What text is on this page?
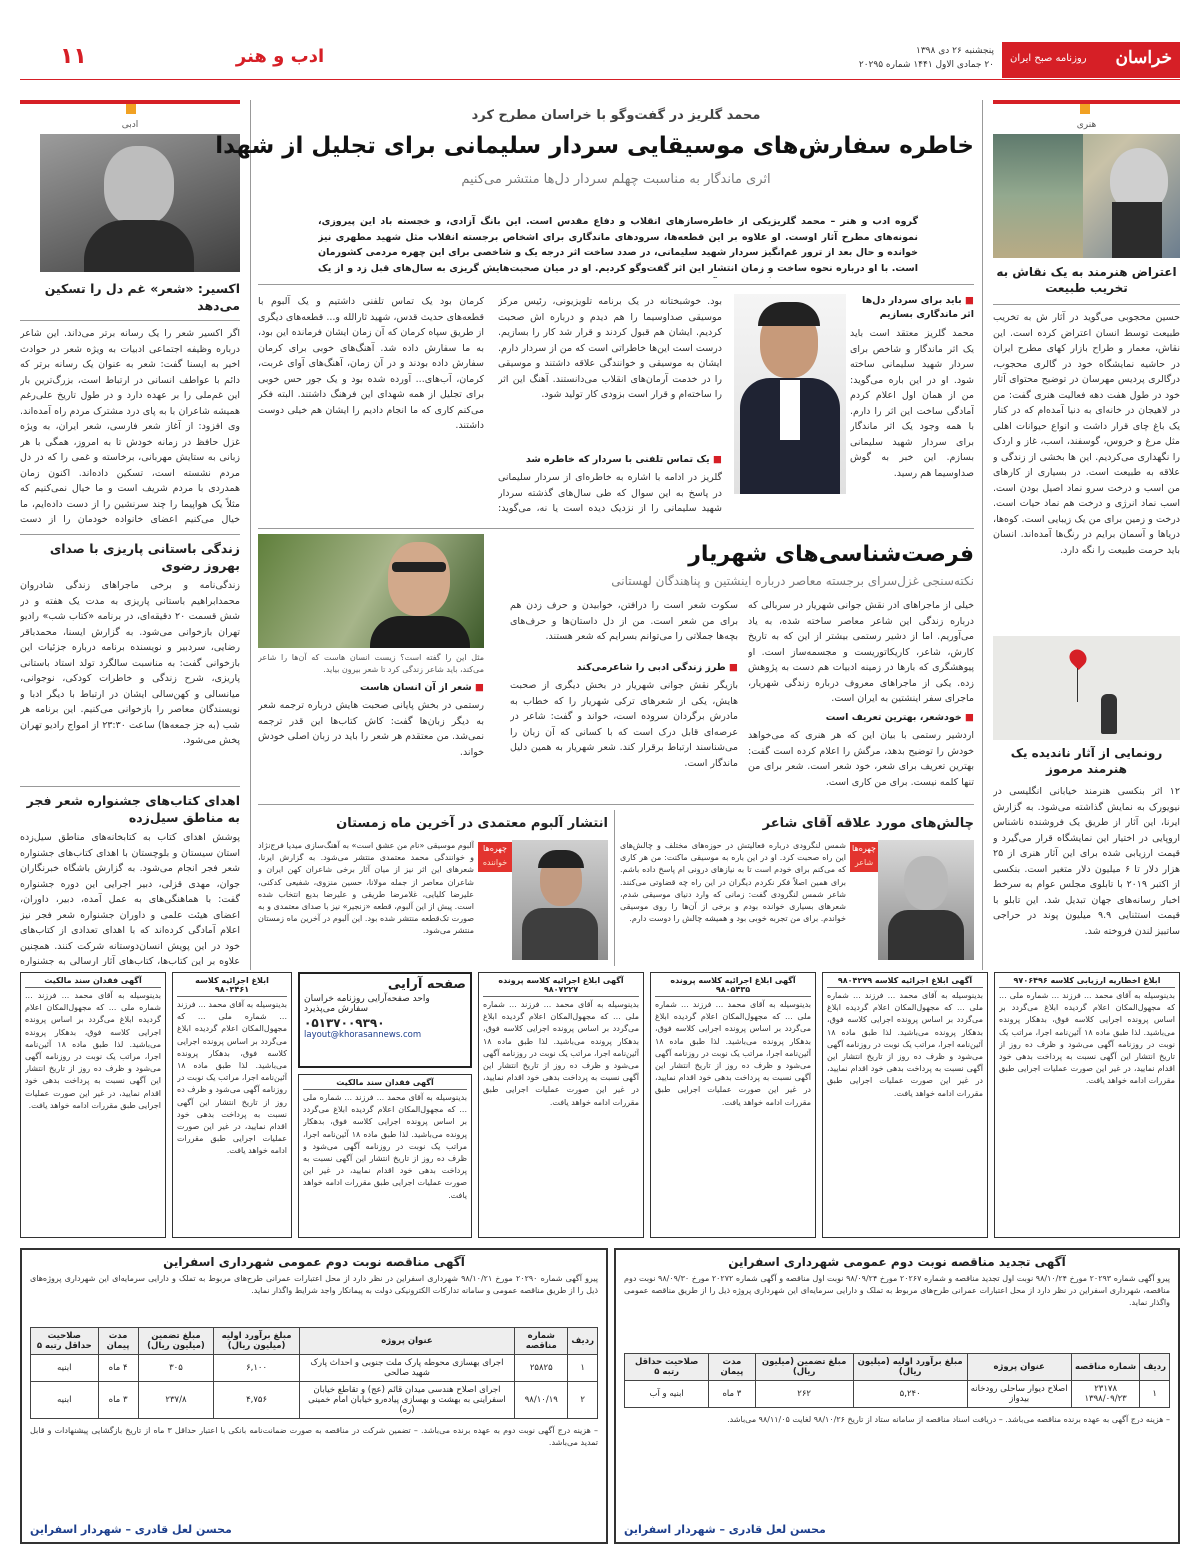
خراسان
روزنامه صبح ایران
پنجشنبه ۲۶ دی ۱۳۹۸
۲۰ جمادی الاول ۱۴۴۱ شماره ۲۰۲۹۵
ادب و هنر
۱۱
هنری
اعتراض هنرمند به یک نقاش به تخریب طبیعت
حسین محجوبی می‌گوید در آثار ش به تخریب طبیعت توسط انسان اعتراض کرده است. این نقاش، معمار و طراح بازار کهای مطرح ایران در حاشیه نمایشگاه خود در گالری محجوب، درگالری پردیس مهرسان در توضیح محتوای آثار خود در طول هفت دهه فعالیت هنری گفت: من در لاهیجان در خانه‌ای به دنیا آمده‌ام که در کنار یک باغ چای قرار داشت و انواع حیوانات اهلی مثل مرغ و خروس، گوسفند، اسب، غاز و اردک را نگهداری می‌کردیم. این ها بخشی از زندگی و علاقه به طبیعت است. در بسیاری از کارهای من اسب و درخت سرو نماد اصیل بودن است. اسب نماد انرژی و درخت هم نماد حیات است. درخت و زمین برای من یک زیبایی است. کوه‌ها، دریاها و آسمان برایم در رنگ‌ها آمده‌اند. انسان باید حرمت طبیعت را نگه دارد.
رونمایی از آثار ناندیده یک هنرمند مرموز
۱۲ اثر بنکسی هنرمند خیابانی انگلیسی در نیویورک به نمایش گذاشته می‌شود. به گزارش ایرنا، این آثار از طریق یک فروشنده ناشناس اروپایی در اختیار این نمایشگاه قرار می‌گیرد و قیمت ارزیابی شده برای این آثار هنری از ۲۵ هزار دلار تا ۶ میلیون دلار متغیر است. بنکسی از اکتبر ۲۰۱۹ با تابلوی مجلس عوام به سرخط اخبار رسانه‌های جهان تبدیل شد. این تابلو با قیمت استثنایی ۹.۹ میلیون پوند در حراجی ساتبیز لندن فروخته شد.
ادبی
اکسیر: «شعر» غم دل را تسکین می‌دهد
اگر اکسیر شعر را یک رسانه برتر می‌داند. این شاعر درباره وظیفه اجتماعی ادبیات به ویژه شعر در حوادث اخیر به ایسنا گفت: شعر به عنوان یک رسانه برتر که دائم با عواطف انسانی در ارتباط است، بزرگ‌ترین بار این غم‌ملی را بر عهده دارد و در طول تاریخ علی‌رغم همیشه شاعران با به پای درد مشترک مردم راه آمده‌اند. وی افزود: از آغاز شعر فارسی، شعر ایران، به ویژه غزل حافظ در زمانه خودش تا به امروز، همگی با هر زبانی به ستایش مهربانی، برخاسته و غمی را که در دل مردم نشسته است، تسکین داده‌اند. اکنون زمان همدردی با مردم شریف است و ما خیال نمی‌کنیم که مثلاً یک هواپیما را چند سرنشین را از دست داده‌ایم، ما خیال می‌کنیم اعضای خانواده خودمان را از دست
زندگی باستانی پاریزی با صدای بهروز رضوی
زندگی‌نامه و برخی ماجراهای زندگی شادروان محمدابراهیم باستانی پاریزی به مدت یک هفته و در شش قسمت ۲۰ دقیقه‌ای، در برنامه «کتاب شب» رادیو تهران بازخوانی می‌شود. به گزارش ایسنا، محمدباقر رضایی، سردبیر و نویسنده برنامه درباره جزئیات این بازخوانی گفت: به مناسبت سالگرد تولد استاد باستانی پاریزی، شرح زندگی و خاطرات کودکی، نوجوانی، میانسالی و کهن‌سالی ایشان در ارتباط با دیگر ادبا و نویسندگان معاصر را بازخوانی می‌کنیم. این برنامه هر شب (به جز جمعه‌ها) ساعت ۲۳:۳۰ از امواج رادیو تهران پخش می‌شود.
اهدای کتاب‌های جشنواره شعر فجر به مناطق سیل‌زده
پوشش اهدای کتاب به کتابخانه‌های مناطق سیل‌زده استان سیستان و بلوچستان با اهدای کتاب‌های جشنواره شعر فجر انجام می‌شود. به گزارش باشگاه خبرنگاران جوان، مهدی قزلی، دبیر اجرایی این دوره جشنواره گفت: با هماهنگی‌های به عمل آمده، دبیر، داوران، اعضای هیئت علمی و داوران جشنواره شعر فجر نیز اعلام آمادگی کرده‌اند که با اهدای تعدادی از کتاب‌های خود در این پویش انسان‌دوستانه شرکت کنند. همچنین علاوه بر این کتاب‌ها، کتاب‌های آثار ارسالی به جشنواره
محمد گلریز در گفت‌وگو با خراسان مطرح کرد
خاطره سفارش‌های موسیقایی سردار سلیمانی برای تجلیل از شهدا
اثری ماندگار به مناسبت چهلم سردار دل‌ها منتشر می‌کنیم
گروه ادب و هنر – محمد گلریزیکی از خاطره‌سازهای انقلاب و دفاع مقدس است. این بانگ آزادی، و خجسته باد این پیروزی، نمونه‌های مطرح آثار اوست. او علاوه بر این قطعه‌ها، سرودهای ماندگاری برای اشخاص برجسته انقلاب مثل شهید مطهری نیز خوانده و حال بعد از ترور غم‌انگیز سردار شهید سلیمانی، در صدد ساخت اثر درجه یک و شاخصی برای این چهره مردمی کشورمان است. با او درباره نحوه ساخت و زمان انتشار این اثر گفت‌وگو کردیم. او در میان صحبت‌هایش گریزی به سال‌های قبل زد و از یک
■ باید برای سردار دل‌ها اثر ماندگاری بسازیم
محمد گلریز معتقد است باید یک اثر ماندگار و شاخص برای سردار شهید سلیمانی ساخته شود. او در این باره می‌گوید: من از همان اول اعلام کردم آمادگی ساخت این اثر را دارم. با همه وجود یک اثر ماندگار برای سردار شهید سلیمانی بسازم. این خبر به گوش صداوسیما هم رسید.
بود. خوشبختانه در یک برنامه تلویزیونی، رئیس مرکز موسیقی صداوسیما را هم دیدم و درباره اش صحبت کردیم. ایشان هم قبول کردند و قرار شد کار را بسازیم. درست است این‌ها خاطراتی است که من از سردار دارم. ایشان به موسیقی و خوانندگی علاقه داشتند و موسیقی را در خدمت آرمان‌های انقلاب می‌دانستند. آهنگ این اثر را ساخته‌ام و قرار است بزودی کار تولید شود.
■ یک تماس تلفنی با سردار که خاطره شد
گلریز در ادامه با اشاره به خاطره‌ای از سردار سلیمانی در پاسخ به این سوال که طی سال‌های گذشته سردار شهید سلیمانی را از نزدیک دیده است یا نه، می‌گوید:
کرمان بود یک تماس تلفنی داشتیم و یک آلبوم با قطعه‌های حدیث قدس، شهید ثارالله و... قطعه‌های دیگری از طریق سپاه کرمان که آن زمان ایشان فرمانده این بود، به ما سفارش داده شد. آهنگ‌های خوبی برای کرمان سفارش داده بودند و در آن زمان، آهنگ‌های آوای غربت، کرمان، آب‌های... آورده شده بود و یک جور حس خوبی برای تجلیل از همه شهدای این فرهنگ داشتند. البته فکر می‌کنم کاری که ما انجام دادیم را ایشان هم خیلی دوست داشتند.
مثل این را گفته است؟ زیست انسان هاست که آن‌ها را شاعر می‌کند، باید شاعر زندگی کرد تا شعر بیرون بیاید.
فرصت‌شناسی‌های شهریار
نکته‌سنجی غزل‌سرای برجسته معاصر درباره اینشتین و پناهندگان لهستانی
خیلی از ماجراهای ادر نقش جوانی شهریار در سربالی که درباره زندگی این شاعر معاصر ساخته شده، به یاد می‌آوریم. اما از دشیر رستمی بیشتر از این که به تاریخ کارش، شاعر، کاریکاتوریست و مجسمه‌ساز است. او پیوهشگری که بارها در زمینه ادبیات هم دست به پژوهش زده. یکی از ماجراهای معروف درباره زندگی شهریار، ماجرای سفر اینشتین به ایران است.
■ خودشعر، بهترین تعریف است
اردشیر رستمی با بیان این که هر هنری که می‌خواهد خودش را توضیح بدهد، مرگش را اعلام کرده است گفت: بهترین تعریف برای شعر، خود شعر است. شعر برای من تنها کلمه نیست. برای من کاری است.
سکوت شعر است را درافتن، خوابیدن و حرف زدن هم برای من شعر است. من از دل داستان‌ها و حرف‌های بچه‌ها جملاتی را می‌توانم بسرایم که شعر هستند.
■ طرز زندگی ادبی را شاعرمی‌کند
بازیگر نقش جوانی شهریار در بخش دیگری از صحبت هایش، یکی از شعرهای ترکی شهریار را که خطاب به مادرش برگردان سروده است، خواند و گفت: شاعر در عرصه‌ای قابل درک است که با کسانی که آن زبان را می‌شناسند ارتباط برقرار کند. شعر شهریار به همین دلیل ماندگار است.
■ شعر از آن انسان هاست
رستمی در بخش پایانی صحبت هایش درباره ترجمه شعر به دیگر زبان‌ها گفت: کاش کتاب‌ها این قدر ترجمه نمی‌شد. من معتقدم هر شعر را باید در زبان اصلی خودش خواند.
چالش‌های مورد علاقه آقای شاعر
چهره‌ها
شاعر
شمس لنگرودی درباره فعالیتش در حوزه‌های مختلف و چالش‌های این راه صحبت کرد. او در این باره به موسیقی ماکنت: من هر کاری که می‌کنم برای خودم است تا به نیازهای درونی ام پاسخ داده باشم. برای همین اصلاً فکر نکردم دیگران در این راه چه قضاوتی می‌کنند. شاعر شمس لنگرودی گفت: زمانی که وارد دنیای موسیقی شدم، شعرهای بسیاری خوانده بودم و برخی از آن‌ها را روی موسیقی خواندم. برای من تجربه خوبی بود و همیشه چالش را دوست دارم.
انتشار آلبوم معتمدی در آخرین ماه زمستان
چهره‌ها
خواننده
آلبوم موسیقی «نام من عشق است» به آهنگ‌سازی میدیا فرج‌نژاد و خوانندگی محمد معتمدی منتشر می‌شود. به گزارش ایرنا، شعرهای این اثر نیز از میان آثار برخی شاعران کهن ایران و شاعران معاصر از جمله مولانا، حسین منزوی، شفیعی کدکنی، علیرضا کلیایی، غلامرضا طریقی و علیرضا بدیع انتخاب شده است. پیش از این آلبوم، قطعه «زنجیر» نیز با صدای معتمدی و به صورت تک‌قطعه منتشر شده بود. این آلبوم در آخرین ماه زمستان منتشر می‌شود.
ابلاغ اخطاریه ارزیابی کلاسه ۹۷۰۶۴۹۶
بدینوسیله به آقای محمد ... فرزند ... شماره ملی ... که مجهول‌المکان اعلام گردیده ابلاغ می‌گردد بر اساس پرونده اجرایی کلاسه فوق، بدهکار پرونده می‌باشید. لذا طبق ماده ۱۸ آئین‌نامه اجرا، مراتب یک نوبت در روزنامه آگهی می‌شود و ظرف ده روز از تاریخ انتشار این آگهی نسبت به پرداخت بدهی خود اقدام نمایید، در غیر این صورت عملیات اجرایی طبق مقررات ادامه خواهد یافت.
آگهی ابلاغ اجرائیه کلاسه ۹۸۰۴۲۷۹
بدینوسیله به آقای محمد ... فرزند ... شماره ملی ... که مجهول‌المکان اعلام گردیده ابلاغ می‌گردد بر اساس پرونده اجرایی کلاسه فوق، بدهکار پرونده می‌باشید. لذا طبق ماده ۱۸ آئین‌نامه اجرا، مراتب یک نوبت در روزنامه آگهی می‌شود و ظرف ده روز از تاریخ انتشار این آگهی نسبت به پرداخت بدهی خود اقدام نمایید، در غیر این صورت عملیات اجرایی طبق مقررات ادامه خواهد یافت.
آگهی ابلاغ اجرائیه کلاسه پرونده ۹۸۰۵۴۳۵
بدینوسیله به آقای محمد ... فرزند ... شماره ملی ... که مجهول‌المکان اعلام گردیده ابلاغ می‌گردد بر اساس پرونده اجرایی کلاسه فوق، بدهکار پرونده می‌باشید. لذا طبق ماده ۱۸ آئین‌نامه اجرا، مراتب یک نوبت در روزنامه آگهی می‌شود و ظرف ده روز از تاریخ انتشار این آگهی نسبت به پرداخت بدهی خود اقدام نمایید، در غیر این صورت عملیات اجرایی طبق مقررات ادامه خواهد یافت.
آگهی ابلاغ اجرائیه کلاسه پرونده ۹۸۰۷۲۲۷
بدینوسیله به آقای محمد ... فرزند ... شماره ملی ... که مجهول‌المکان اعلام گردیده ابلاغ می‌گردد بر اساس پرونده اجرایی کلاسه فوق، بدهکار پرونده می‌باشید. لذا طبق ماده ۱۸ آئین‌نامه اجرا، مراتب یک نوبت در روزنامه آگهی می‌شود و ظرف ده روز از تاریخ انتشار این آگهی نسبت به پرداخت بدهی خود اقدام نمایید، در غیر این صورت عملیات اجرایی طبق مقررات ادامه خواهد یافت.
صفحه آرایی
واحد صفحه‌آرایی روزنامه خراسان
سفارش می‌پذیرد
۰۵۱۳۷۰۰۹۳۹۰
layout@khorasannews.com
آگهی فقدان سند مالکیت
بدینوسیله به آقای محمد ... فرزند ... شماره ملی ... که مجهول‌المکان اعلام گردیده ابلاغ می‌گردد بر اساس پرونده اجرایی کلاسه فوق، بدهکار پرونده می‌باشید. لذا طبق ماده ۱۸ آئین‌نامه اجرا، مراتب یک نوبت در روزنامه آگهی می‌شود و ظرف ده روز از تاریخ انتشار این آگهی نسبت به پرداخت بدهی خود اقدام نمایید، در غیر این صورت عملیات اجرایی طبق مقررات ادامه خواهد یافت.
ابلاغ اجرائیه کلاسه ۹۸۰۳۴۶۱
بدینوسیله به آقای محمد ... فرزند ... شماره ملی ... که مجهول‌المکان اعلام گردیده ابلاغ می‌گردد بر اساس پرونده اجرایی کلاسه فوق، بدهکار پرونده می‌باشید. لذا طبق ماده ۱۸ آئین‌نامه اجرا، مراتب یک نوبت در روزنامه آگهی می‌شود و ظرف ده روز از تاریخ انتشار این آگهی نسبت به پرداخت بدهی خود اقدام نمایید، در غیر این صورت عملیات اجرایی طبق مقررات ادامه خواهد یافت.
آگهی فقدان سند مالکیت
بدینوسیله به آقای محمد ... فرزند ... شماره ملی ... که مجهول‌المکان اعلام گردیده ابلاغ می‌گردد بر اساس پرونده اجرایی کلاسه فوق، بدهکار پرونده می‌باشید. لذا طبق ماده ۱۸ آئین‌نامه اجرا، مراتب یک نوبت در روزنامه آگهی می‌شود و ظرف ده روز از تاریخ انتشار این آگهی نسبت به پرداخت بدهی خود اقدام نمایید، در غیر این صورت عملیات اجرایی طبق مقررات ادامه خواهد یافت.
آگهی تجدید مناقصه نوبت دوم عمومی شهرداری اسفراین
پیرو آگهی شماره ۲۰۲۹۳ مورخ ۹۸/۱۰/۲۴ نوبت اول تجدید مناقصه و شماره ۲۰۲۶۷ مورخ ۹۸/۰۹/۲۴ نوبت اول مناقصه و آگهی شماره ۲۰۲۷۲ مورخ ۹۸/۰۹/۳۰ نوبت دوم مناقصه، شهرداری اسفراین در نظر دارد از محل اعتبارات عمرانی طرح‌های مربوط به تملک و دارایی سرمایه‌ای این شهرداری پروژه ذیل را از طریق مناقصه عمومی واگذار نماید.
ردیف	شماره مناقصه	عنوان پروژه	مبلغ برآورد اولیه (میلیون ریال)	مبلغ تضمین (میلیون ریال)	مدت پیمان	صلاحیت حداقل رتبه ۵
۱	۲۳۱۷۸ ۱۳۹۸/۰۹/۲۳	اصلاح دیوار ساحلی رودخانه بیدواز	۵,۲۴۰	۲۶۲	۳ ماه	ابنیه و آب
– هزینه درج آگهی به عهده برنده مناقصه می‌باشد. – دریافت اسناد مناقصه از سامانه ستاد از تاریخ ۹۸/۱۰/۲۶ لغایت ۹۸/۱۱/۰۵ می‌باشد.
محسن لعل قادری – شهردار اسفراین
آگهی مناقصه نوبت دوم عمومی شهرداری اسفراین
پیرو آگهی شماره ۲۰۲۹۰ مورخ ۹۸/۱۰/۲۱ شهرداری اسفراین در نظر دارد از محل اعتبارات عمرانی طرح‌های مربوط به تملک و دارایی سرمایه‌ای این شهرداری پروژه‌های ذیل را از طریق مناقصه عمومی و سامانه تدارکات الکترونیکی دولت به پیمانکار واجد شرایط واگذار نماید.
ردیف	شماره مناقصه	عنوان پروژه	مبلغ برآورد اولیه (میلیون ریال)	مبلغ تضمین (میلیون ریال)	مدت پیمان	صلاحیت حداقل رتبه ۵
۱	۲۵۸۲۵	اجرای بهسازی محوطه پارک ملت جنوبی و احداث پارک شهید صالحی	۶,۱۰۰	۳۰۵	۴ ماه	ابنیه
۲	۹۸/۱۰/۱۹	اجرای اصلاح هندسی میدان قائم (عج) و تقاطع خیابان اسفراینی به بهشت و بهسازی پیاده‌رو خیابان امام خمینی (ره)	۴,۷۵۶	۲۳۷/۸	۳ ماه	ابنیه
– هزینه درج آگهی نوبت دوم به عهده برنده می‌باشد. – تضمین شرکت در مناقصه به صورت ضمانت‌نامه بانکی با اعتبار حداقل ۳ ماه از تاریخ بازگشایی پیشنهادات و قابل تمدید می‌باشد.
محسن لعل قادری – شهردار اسفراین
